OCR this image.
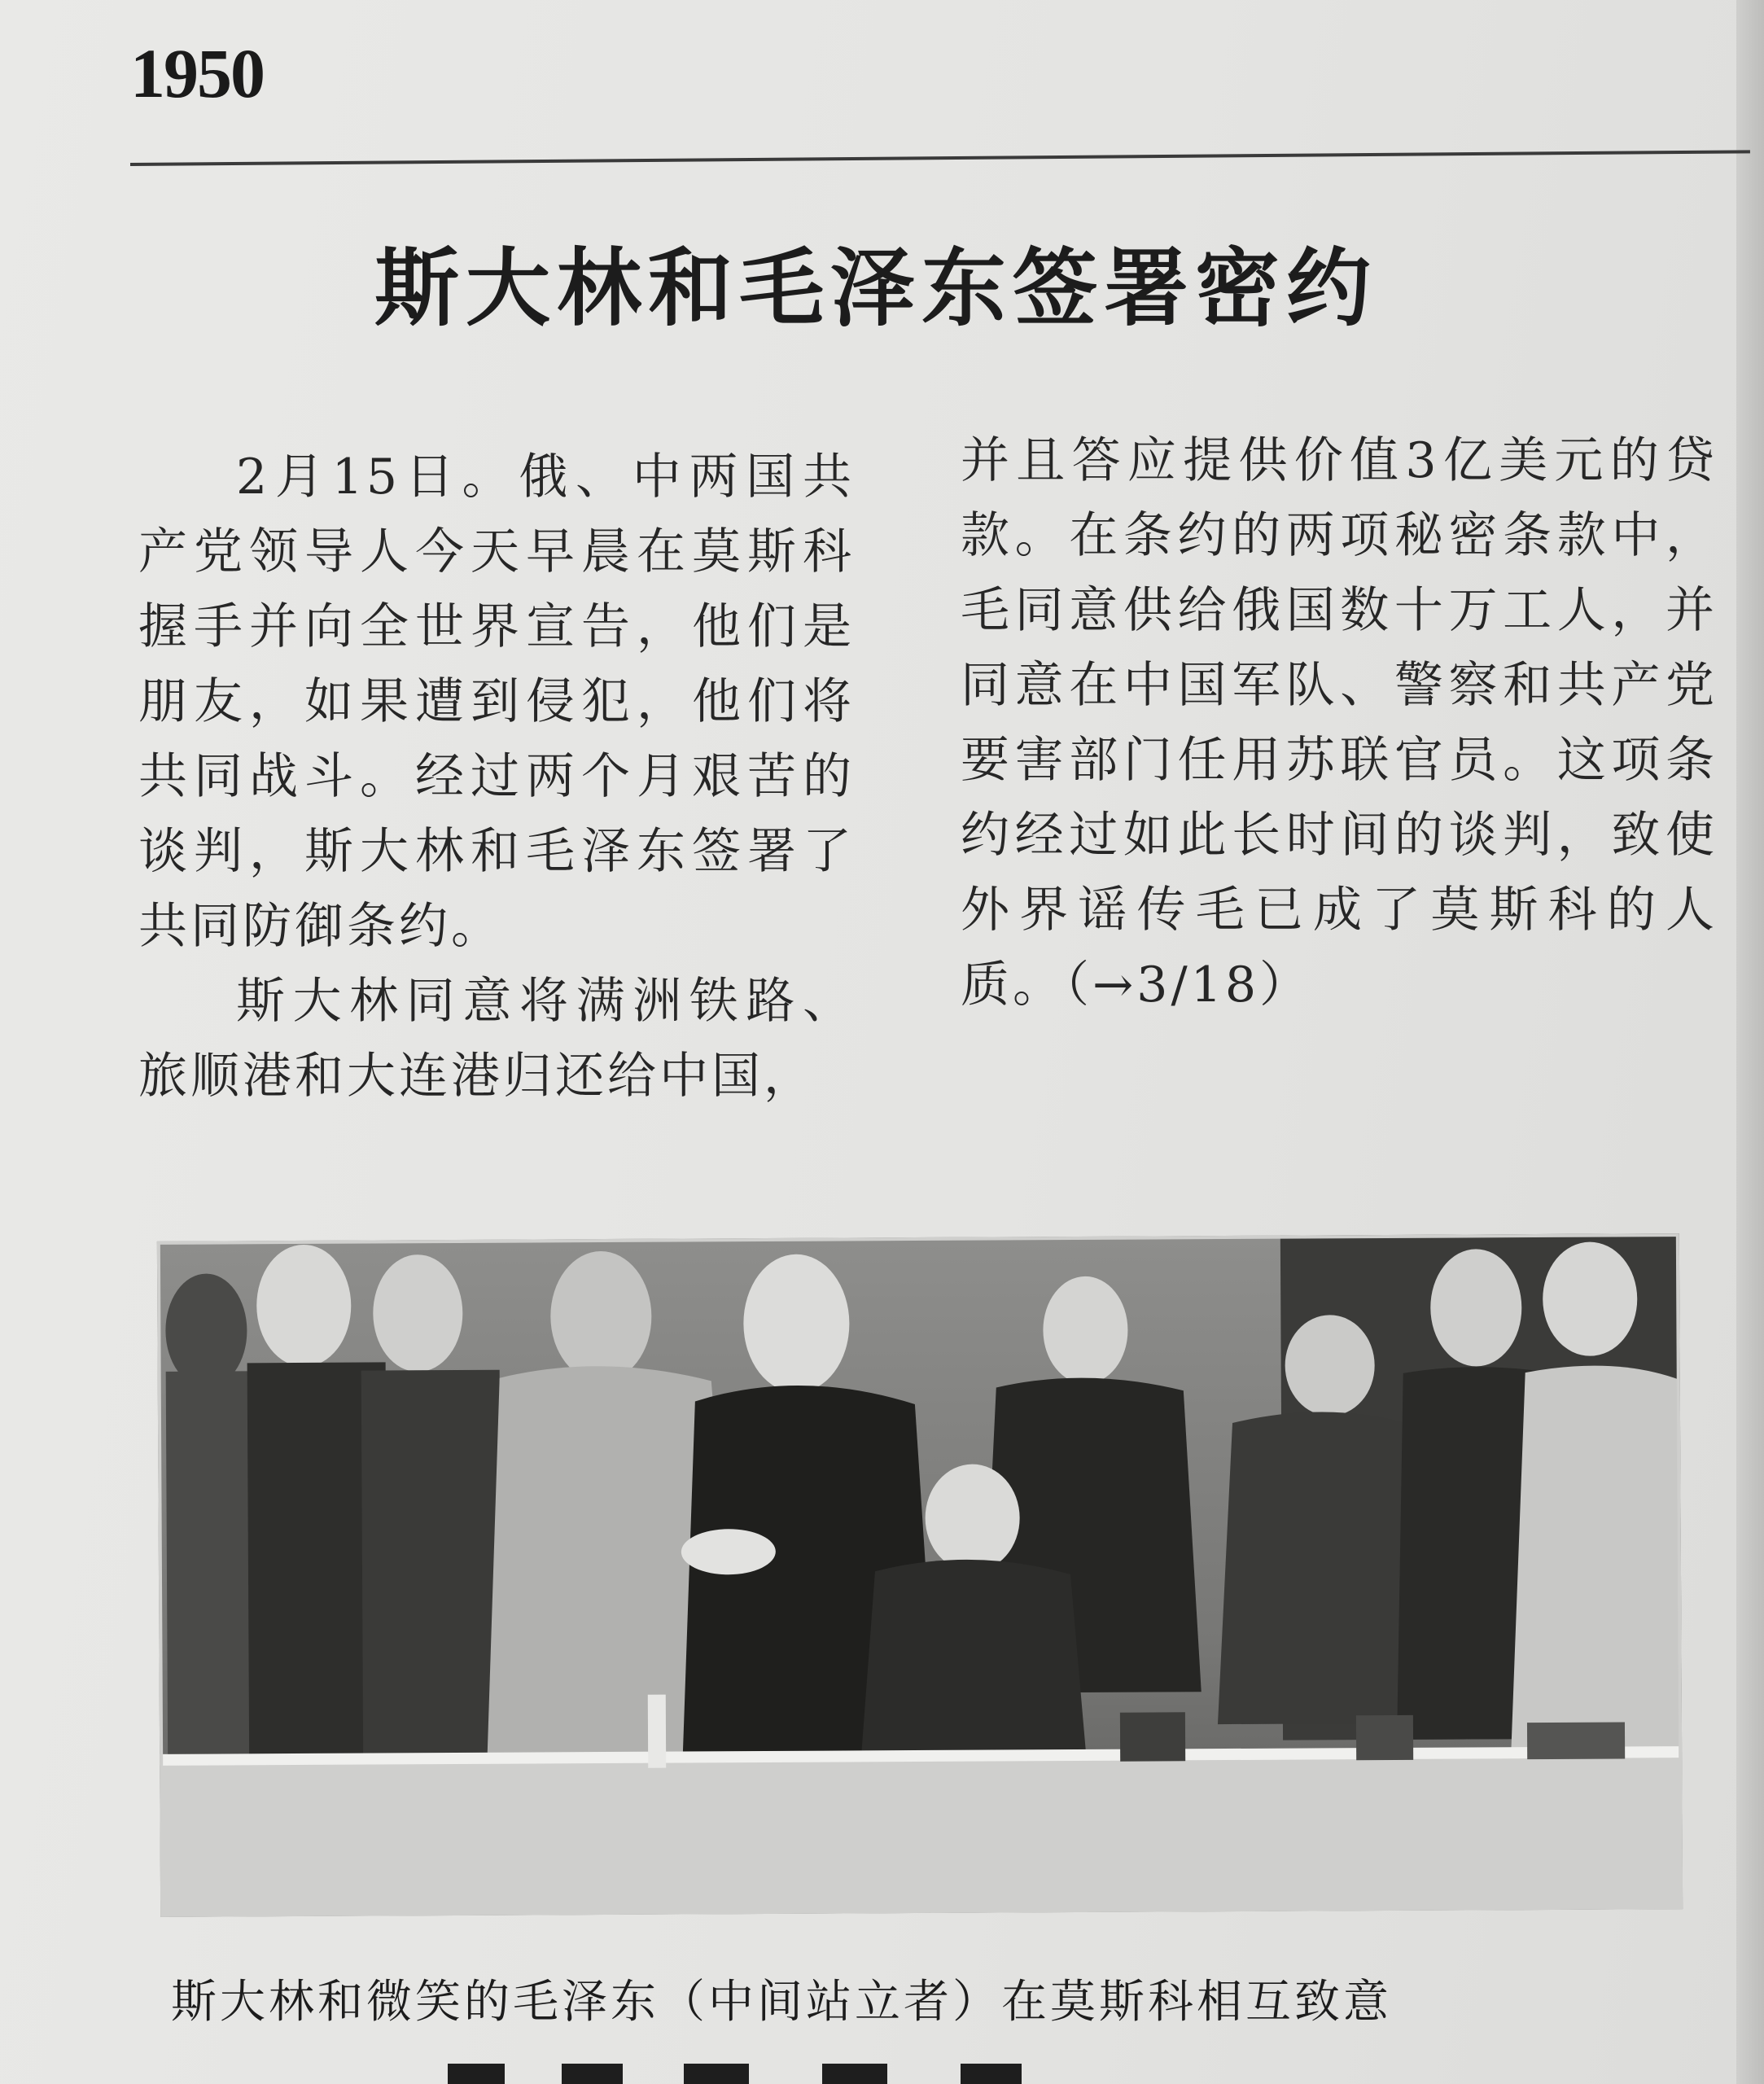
1950
斯大林和毛泽东签署密约

2月15日。俄、中两国共产党领导人今天早晨在莫斯科握手并向全世界宣告，他们是朋友，如果遭到侵犯，他们将共同战斗。经过两个月艰苦的谈判，斯大林和毛泽东签署了共同防御条约。

斯大林同意将满洲铁路、旅顺港和大连港归还给中国，

并且答应提供价值3亿美元的贷款。在条约的两项秘密条款中，毛同意供给俄国数十万工人，并同意在中国军队、警察和共产党要害部门任用苏联官员。这项条约经过如此长时间的谈判，致使外界谣传毛已成了莫斯科的人质。（→3/18）

斯大林和微笑的毛泽东（中间站立者）在莫斯科相互致意
